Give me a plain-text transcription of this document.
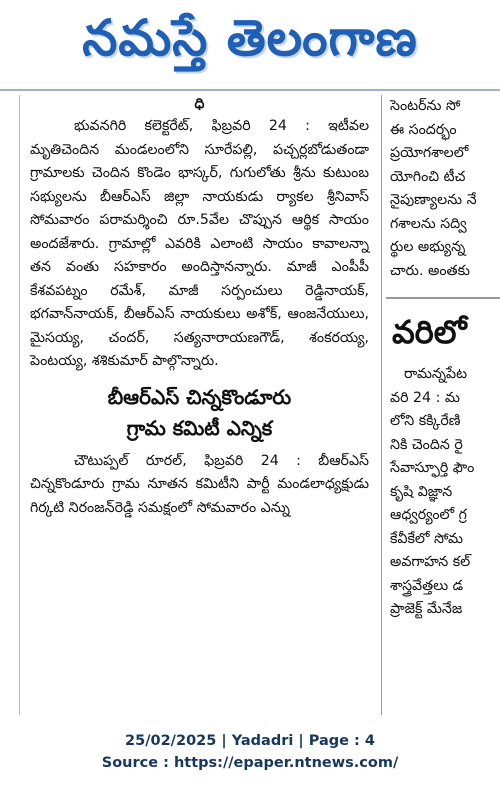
నమస్తే తెలంగాణ
ధి

భువనగిరి కలెక్టరేట్, ఫిబ్రవరి 24 : ఇటీవల మృతిచెందిన మండలంలోని సూరేపల్లి, పచ్చర్లబోడుతండా గ్రామాలకు చెందిన కొండెం భాస్కర్, గుగులోతు శ్రీను కుటుంబ సభ్యులను బీఆర్ఎస్ జిల్లా నాయకుడు ర్యాకల శ్రీనివాస్ సోమవారం పరామర్శించి రూ.5వేల చొప్పున ఆర్థిక సాయం అందజేశారు. గ్రామాల్లో ఎవరికి ఎలాంటి సాయం కావాలన్నా తన వంతు సహకారం అందిస్తానన్నారు. మాజీ ఎంపీపీ కేశవపట్నం రమేశ్, మాజీ సర్పంచులు రెడ్డినాయక్, భగవాన్‌నాయక్, బీఆర్ఎస్ నాయకులు అశోక్, ఆంజనేయులు, మైసయ్య, చందర్, సత్యనారాయణగౌడ్, శంకరయ్య, పెంటయ్య, శశికుమార్ పాల్గొన్నారు.

బీఆర్ఎస్ చిన్నకొండూరు
గ్రామ కమిటీ ఎన్నిక

చౌటుప్పల్ రూరల్, ఫిబ్రవరి 24 : బీఆర్ఎస్ చిన్నకొండూరు గ్రామ నూతన కమిటీని పార్టీ మండలాధ్యక్షుడు గిర్కటి నిరంజన్‌రెడ్డి సమక్షంలో సోమవారం ఎన్ను

సెంటర్‌ను సో
ఈ సందర్భం
ప్రయోగశాలలో
యోగించి టీచ
నైపుణ్యాలను నే
గశాలను సద్వి
ర్థుల అభ్యున్న
చారు. అంతకు
వరిలో
రామన్నపేట
వరి 24 : మ
లోని కక్కిరేణి
నికి చెందిన రై
సేవాస్ఫూర్తి ఫౌం
కృషి విజ్ఞాన
ఆధ్వర్యంలో గ్ర
కేవీకేలో సోమ
అవగాహన కల్
శాస్త్రవేత్తలు డ
ప్రాజెక్ట్ మేనేజ
25/02/2025 | Yadadri | Page : 4
Source : https://epaper.ntnews.com/
